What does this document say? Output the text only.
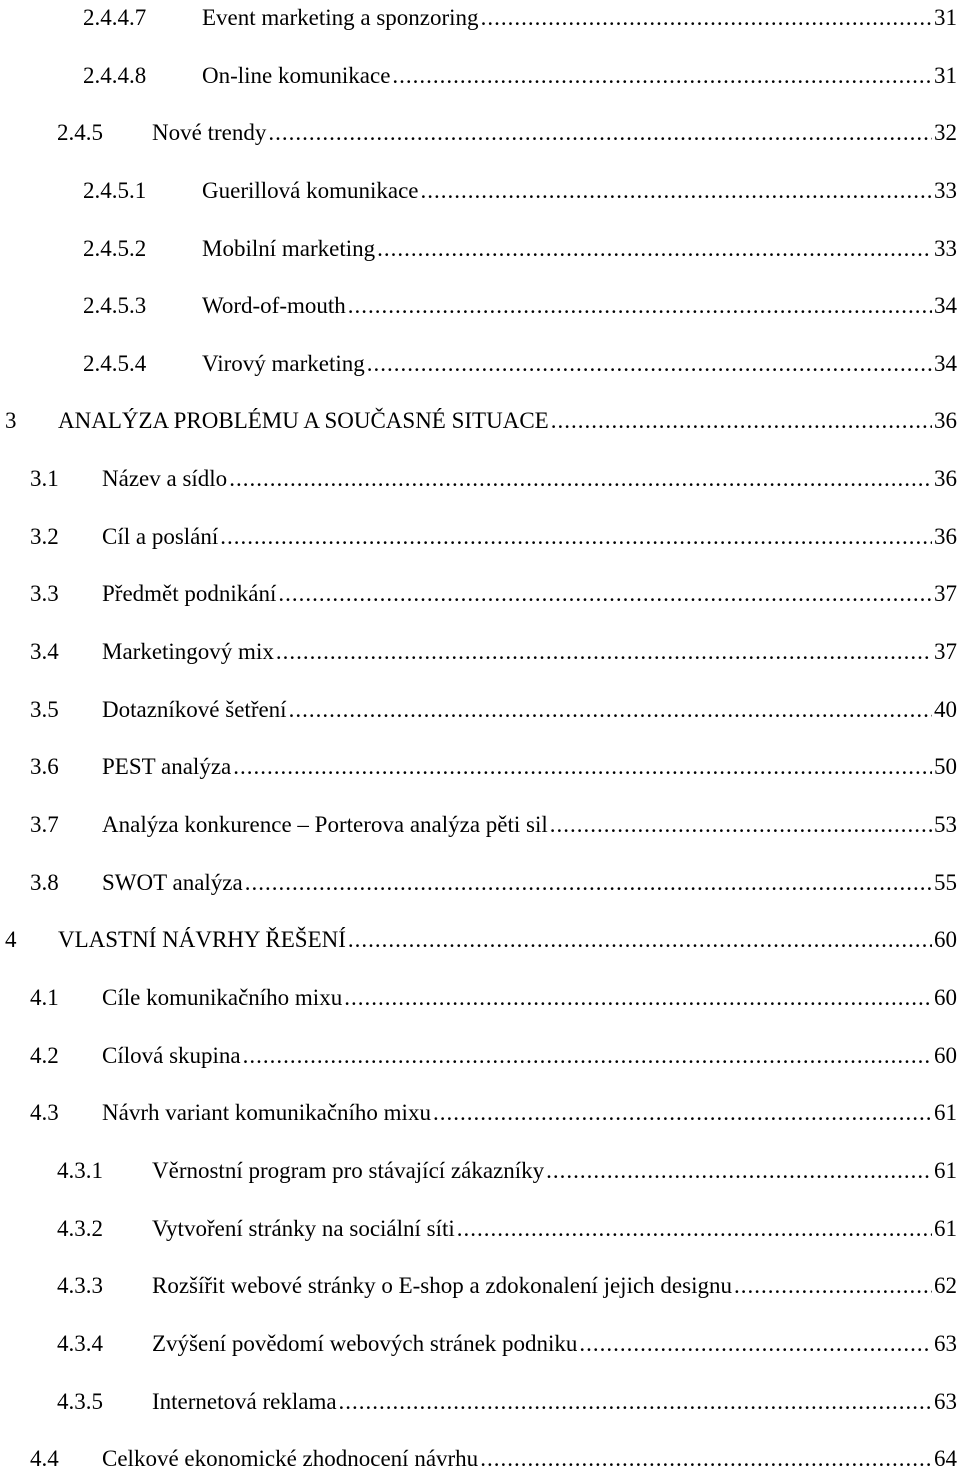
2.4.4.7	Event marketing a sponzoring .....	31
2.4.4.8	On-line komunikace .....	31
2.4.5	Nové trendy .....	32
2.4.5.1	Guerillová komunikace .....	33
2.4.5.2	Mobilní marketing .....	33
2.4.5.3	Word-of-mouth .....	34
2.4.5.4	Virový marketing .....	34
3	ANALÝZA PROBLÉMU A SOUČASNÉ SITUACE .....	36
3.1	Název a sídlo .....	36
3.2	Cíl a poslání .....	36
3.3	Předmět podnikání .....	37
3.4	Marketingový mix .....	37
3.5	Dotazníkové šetření .....	40
3.6	PEST analýza .....	50
3.7	Analýza konkurence – Porterova analýza pěti sil .....	53
3.8	SWOT analýza .....	55
4	VLASTNÍ NÁVRHY ŘEŠENÍ .....	60
4.1	Cíle komunikačního mixu .....	60
4.2	Cílová skupina .....	60
4.3	Návrh variant komunikačního mixu .....	61
4.3.1	Věrnostní program pro stávající zákazníky .....	61
4.3.2	Vytvoření stránky na sociální síti .....	61
4.3.3	Rozšířit webové stránky o E-shop a zdokonalení jejich designu .....	62
4.3.4	Zvýšení povědomí webových stránek podniku .....	63
4.3.5	Internetová reklama .....	63
4.4	Celkové ekonomické zhodnocení návrhu .....	64
